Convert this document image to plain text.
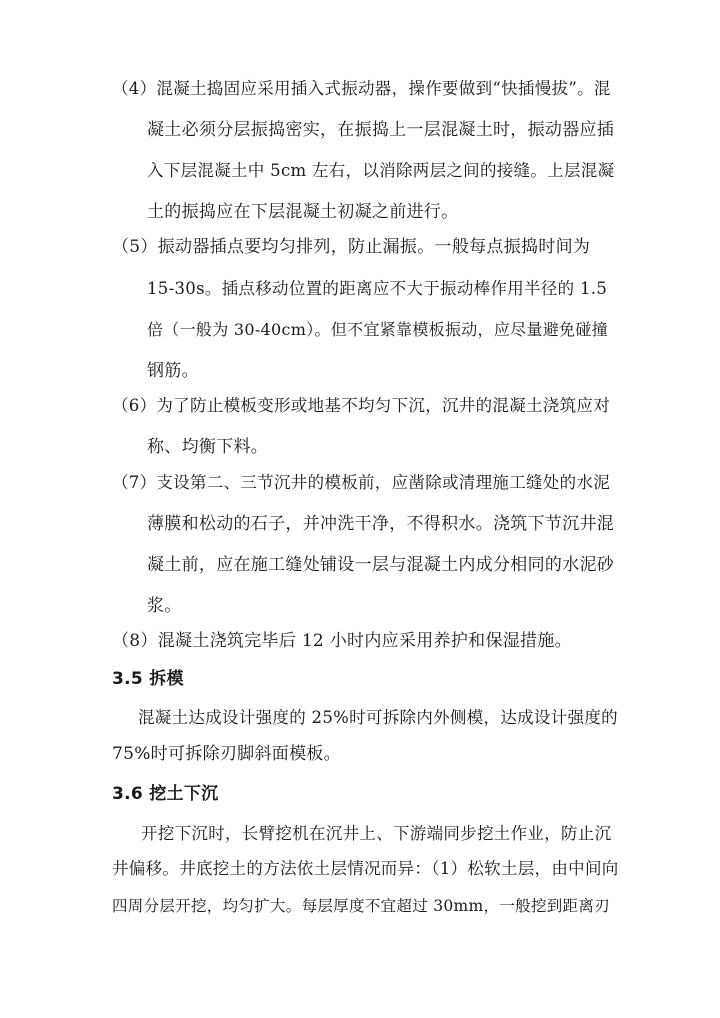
（4）混凝土捣固应采用插入式振动器，操作要做到“快插慢拔”。混
凝土必须分层振捣密实，在振捣上一层混凝土时，振动器应插
入下层混凝土中 5cm 左右，以消除两层之间的接缝。上层混凝
土的振捣应在下层混凝土初凝之前进行。
（5）振动器插点要均匀排列，防止漏振。一般每点振捣时间为
15-30s。插点移动位置的距离应不大于振动棒作用半径的 1.5
倍（一般为 30-40cm）。但不宜紧靠模板振动，应尽量避免碰撞
钢筋。
（6）为了防止模板变形或地基不均匀下沉，沉井的混凝土浇筑应对
称、均衡下料。
（7）支设第二、三节沉井的模板前，应凿除或清理施工缝处的水泥
薄膜和松动的石子，并冲洗干净，不得积水。浇筑下节沉井混
凝土前，应在施工缝处铺设一层与混凝土内成分相同的水泥砂
浆。
（8）混凝土浇筑完毕后 12 小时内应采用养护和保湿措施。
3.5 拆模
混凝土达成设计强度的 25%时可拆除内外侧模，达成设计强度的
75%时可拆除刃脚斜面模板。
3.6 挖土下沉
开挖下沉时，长臂挖机在沉井上、下游端同步挖土作业，防止沉
井偏移。井底挖土的方法依土层情况而异：（1）松软土层，由中间向
四周分层开挖，均匀扩大。每层厚度不宜超过 30mm，一般挖到距离刃
